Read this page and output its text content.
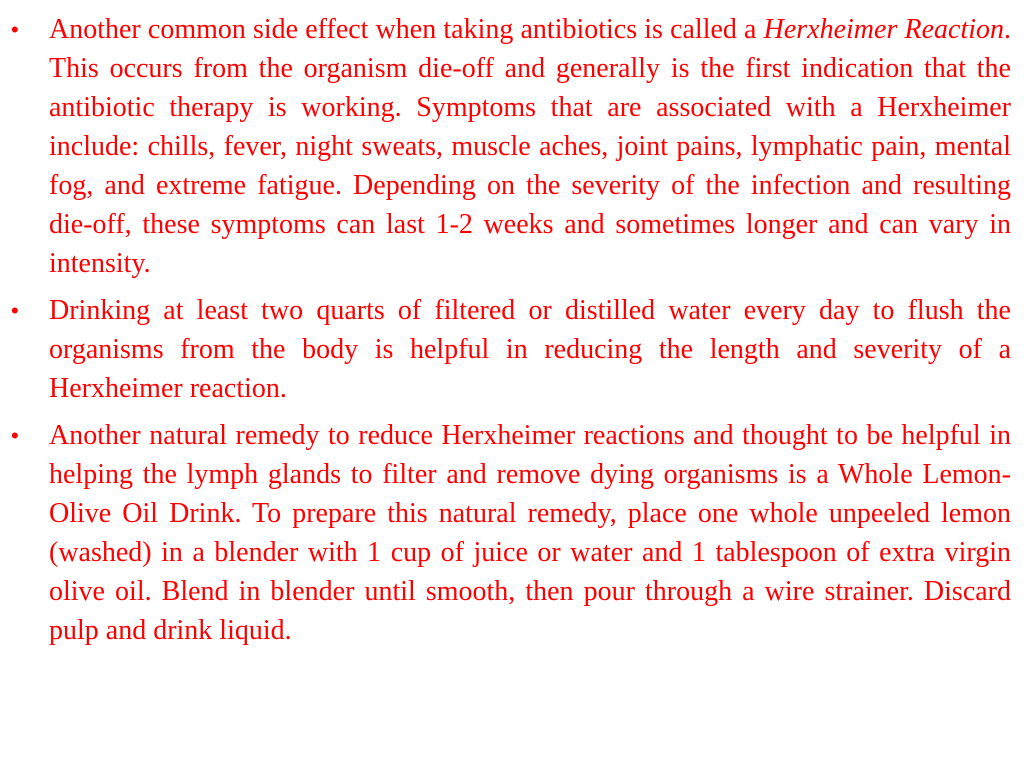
• Another common side effect when taking antibiotics is called a Herxheimer Reaction. This occurs from the organism die-off and generally is the first indication that the antibiotic therapy is working. Symptoms that are associated with a Herxheimer include: chills, fever, night sweats, muscle aches, joint pains, lymphatic pain, mental fog, and extreme fatigue. Depending on the severity of the infection and resulting die-off, these symptoms can last 1-2 weeks and sometimes longer and can vary in intensity.
• Drinking at least two quarts of filtered or distilled water every day to flush the organisms from the body is helpful in reducing the length and severity of a Herxheimer reaction.
• Another natural remedy to reduce Herxheimer reactions and thought to be helpful in helping the lymph glands to filter and remove dying organisms is a Whole Lemon-Olive Oil Drink. To prepare this natural remedy, place one whole unpeeled lemon (washed) in a blender with 1 cup of juice or water and 1 tablespoon of extra virgin olive oil. Blend in blender until smooth, then pour through a wire strainer. Discard pulp and drink liquid.
